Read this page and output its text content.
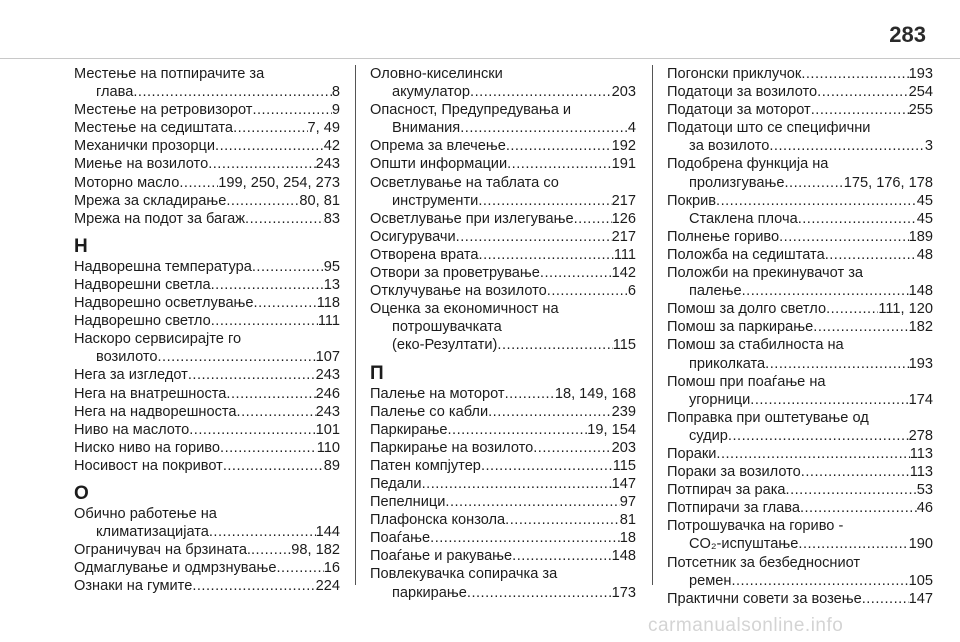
283
Местење на потпирачите за
глава .....	8
Местење на ретровизорот .....	9
Местење на седиштата .....	7, 49
Механички прозорци .....	42
Миење на возилото .....	243
Моторно масло .....	199, 250, 254, 273
Мрежа за складирање .....	80, 81
Мрежа на подот за багаж .....	83
Н
Надворешна температура .....	95
Надворешни светла .....	13
Надворешно осветлување .....	118
Надворешно светло .....	111
Наскоро сервисирајте го
возилото .....	107
Нега за изгледот .....	243
Нега на внатрешноста .....	246
Нега на надворешноста .....	243
Ниво на маслото .....	101
Ниско ниво на гориво .....	110
Носивост на покривот .....	89
О
Обично работење на
климатизацијата .....	144
Ограничувач на брзината. .....	98, 182
Одмаглување и одмрзнување .....	16
Ознаки на гумите .....	224
Оловно-киселински
акумулатор .....	203
Опасност, Предупредувања и
Внимания .....	4
Опрема за влечење .....	192
Општи информации .....	191
Осветлување на таблата со
инструменти .....	217
Осветлување при излегување .....	126
Осигурувачи .....	217
Отворена врата .....	111
Отвори за проветрување .....	142
Отклучување на возилото .....	6
Оценка за економичност на
потрошувачката
(еко-Резултати) .....	115
П
Палење на моторот .....	18, 149, 168
Палење со кабли .....	239
Паркирање .....	19, 154
Паркирање на возилото .....	203
Патен компјутер .....	115
Педали .....	147
Пепелници .....	97
Плафонска конзола .....	81
Поаѓање .....	18
Поаѓање и ракување .....	148
Повлекувачка сопирачка за
паркирање .....	173
Погонски приклучок .....	193
Податоци за возилото .....	254
Податоци за моторот .....	255
Податоци што се специфични
за возилото .....	3
Подобрена функција на
пролизгување .....	175, 176, 178
Покрив .....	45
Стаклена плоча .....	45
Полнење гориво .....	189
Положба на седиштата .....	48
Положби на прекинувачот за
палење .....	148
Помош за долго светло .....	111, 120
Помош за паркирање .....	182
Помош за стабилноста на
приколката .....	193
Помош при поаѓање на
угорници .....	174
Поправка при оштетување од
судир .....	278
Пораки .....	113
Пораки за возилото .....	113
Потпирач за рака .....	53
Потпирачи за глава .....	46
Потрошувачка на гориво -
CO₂-испуштање .....	190
Потсетник за безбедносниот
ремен .....	105
Практични совети за возење .....	147
carmanualsonline.info
